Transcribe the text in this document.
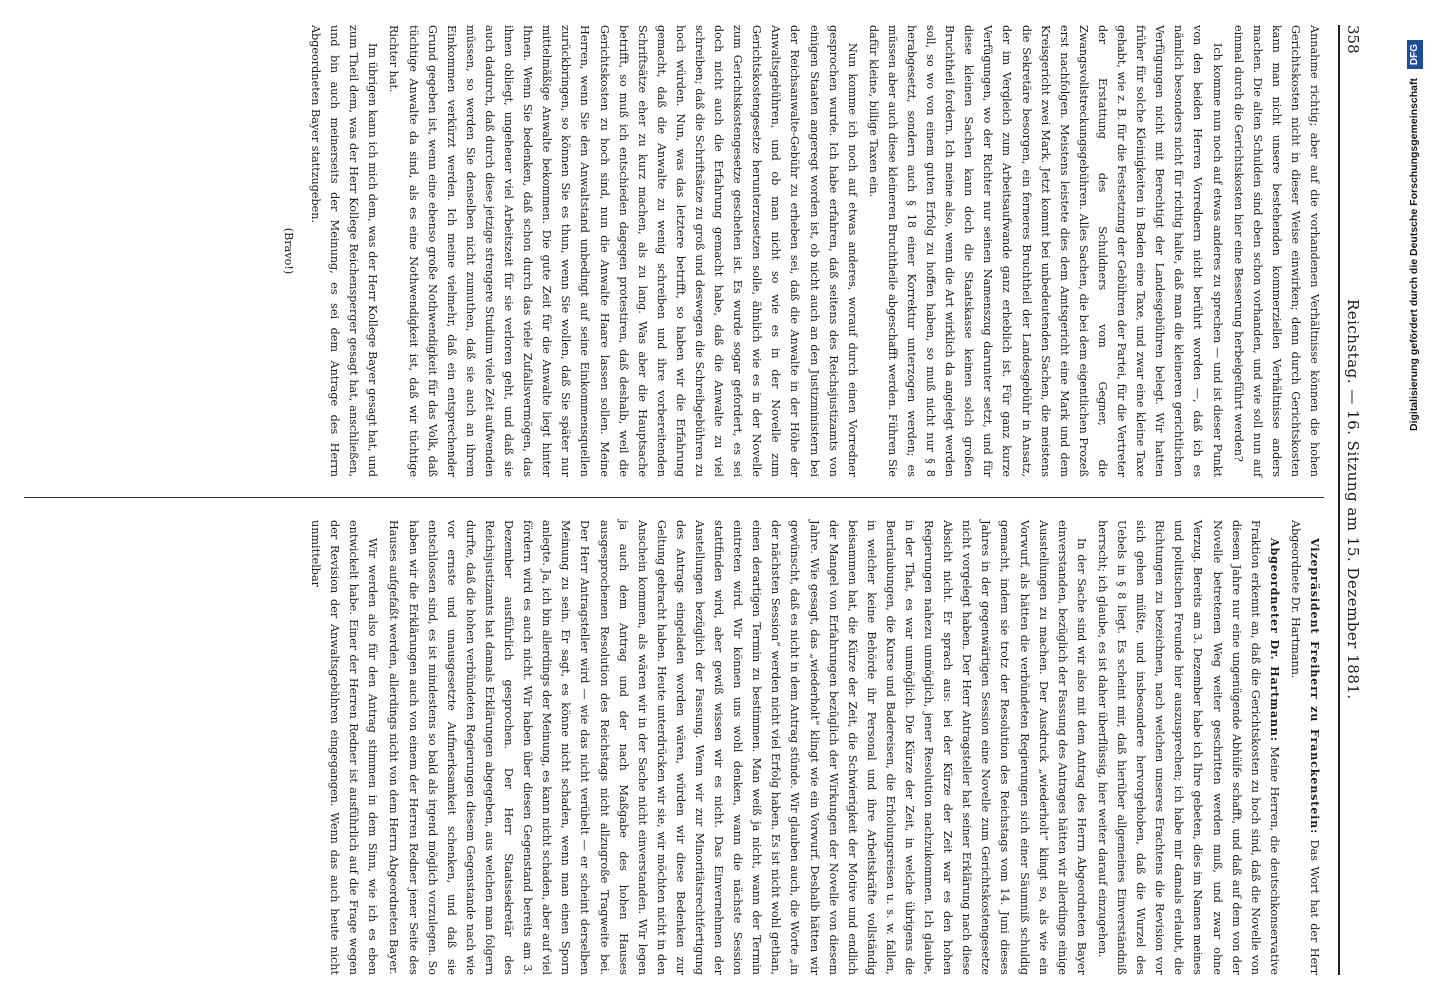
358
Reichstag. — 16. Sitzung am 15. Dezember 1881.

Annahme richtig; aber auf die vorhandenen Verhältnisse können die hohen Gerichtskosten nicht in dieser Weise einwirken; denn durch Gerichtskosten kann man nicht unsere bestehenden kommerziellen Verhältnisse anders machen. Die alten Schulden sind eben schon vorhanden, und wie soll nun auf einmal durch die Gerichtskosten hier eine Besserung herbeigeführt werden?

Ich komme nun noch auf etwas anderes zu sprechen — und ist dieser Punkt von den beiden Herren Vorrednern nicht berührt worden —, daß ich es nämlich besonders nicht für richtig halte, daß man die kleineren gerichtlichen Verfügungen nicht mit Berechtigt der Landesgebühren belegt. Wir hatten früher für solche Kleinigkeiten in Baden eine Taxe, und zwar eine kleine Taxe gehabt, wie z. B. für die Festsetzung der Gebühren der Partei, für die Vertreter der Erstattung des Schuldners vom Gegner, die Zwangsvollstreckungsgebühren. Alles Sachen, die bei dem eigentlichen Prozeß erst nachfolgen. Meistens leistete dies dem Amtsgericht eine Mark und dem Kreisgericht zwei Mark. Jetzt kommt bei unbedeutenden Sachen, die meistens die Sekretäre besorgen, ein ferneres Bruchtheil der Landesgebühr in Ansatz, der im Vergleich zum Arbeitsaufwande ganz erheblich ist. Für ganz kurze Verfügungen, wo der Richter nur seinen Namenszug darunter setzt, und für diese kleinen Sachen kann doch die Staatskasse keinen solch großen Bruchtheil fordern. Ich meine also, wenn die Art wirklich da angelegt werden soll, so wo von einem guten Erfolg zu hoffen haben, so muß nicht nur § 8 herabgesetzt, sondern auch § 18 einer Korrektur unterzogen werden; es müssen aber auch diese kleineren Bruchtheile abgeschafft werden. Führen Sie dafür kleine, billige Taxen ein.

Nun komme ich noch auf etwas anderes, worauf durch einen Vorredner gesprochen wurde. Ich habe erfahren, daß seitens des Reichsjustizamts von einigen Staaten angeregt worden ist, ob nicht auch an den Justizministern bei der Reichsanwalte-Gebühr zu erheben sei, daß die Anwalte in der Höhe der Anwaltsgebühren, und ob man nicht so wie es in der Novelle zum Gerichtskostengesetze herunterzusetzen solle, ähnlich wie es in der Novelle zum Gerichtskostengesetze geschehen ist. Es wurde sogar gefordert, es sei doch nicht auch die Erfahrung gemacht habe, daß die Anwalte zu viel schreiben; daß die Schriftsätze zu groß und deswegen die Schreibgebühren zu hoch würden. Nun, was das letztere betrifft, so haben wir die Erfahrung gemacht, daß die Anwalte zu wenig schreiben und ihre vorbereitenden Schriftsätze eher zu kurz machen, als zu lang. Was aber die Hauptsache betrifft, so muß ich entschieden dagegen protestiren, daß deshalb, weil die Gerichtskosten zu hoch sind, nun die Anwalte Haare lassen sollen. Meine Herren, wenn Sie den Anwaltstand unbedingt auf seine Einkommensquellen zurückbringen, so können Sie es thun, wenn Sie wollen, daß Sie später nur mittelmäßige Anwalte bekommen. Die gute Zeit für die Anwalte liegt hinter Ihnen. Wenn Sie bedenken, daß schon durch das viele Zufallsvermögen, das ihnen obliegt, ungeheuer viel Arbeitszeit für sie verloren geht, und daß sie auch dadurch, daß durch diese jetzige strengere Studium viele Zeit aufwenden müssen, so werden Sie denselben nicht zumuthen, daß sie auch an ihrem Einkommen verkürzt werden. Ich meine vielmehr, daß ein entsprechender Grund gegeben ist, wenn eine ebenso große Nothwendigkeit für das Volk, daß tüchtige Anwalte da sind, als es eine Nothwendigkeit ist, daß wir tüchtige Richter hat.

Im übrigen kann ich mich dem, was der Herr Kollege Bayer gesagt hat, und zum Theil dem, was der Herr Kollege Reichensperger gesagt hat, anschließen, und bin auch meinerseits der Meinung, es sei dem Antrage des Herrn Abgeordneten Bayer stattzugeben.

(Bravo!)

Vizepräsident Freiherr zu Franckenstein: Das Wort hat der Herr Abgeordnete Dr. Hartmann.

Abgeordneter Dr. Hartmann: Meine Herren, die deutschkonservative Fraktion erkennt an, daß die Gerichtskosten zu hoch sind, daß die Novelle von diesem Jahre nur eine ungenügende Abhülfe schafft, und daß auf dem von der Novelle betretenen Weg weiter geschritten werden muß, und zwar ohne Verzug. Bereits am 3. Dezember habe ich Ihre gebeten, dies im Namen meines und politischen Freunde hier auszusprechen; ich habe mir damals erlaubt, die Richtungen zu bezeichnen, nach welchen unseres Erachtens die Revision vor sich gehen müßte, und insbesondere hervorgehoben, daß die Wurzel des Uebels in § 8 liegt. Es scheint mir, daß hierüber allgemeines Einverständniß herrscht; ich glaube, es ist daher überflüssig, hier weiter darauf einzugehen.

In der Sache sind wir also mit dem Antrag des Herrn Abgeordneten Bayer einverstanden, bezüglich der Fassung des Antrages hätten wir allerdings einige Ausstellungen zu machen. Der Ausdruck „wiederholt“ klingt so, als wie ein Vorwurf, als hätten die verbündeten Regierungen sich einer Säumniß schuldig gemacht, indem sie trotz der Resolution des Reichstags vom 14. Juni dieses Jahres in der gegenwärtigen Session eine Novelle zum Gerichtskostengesetze nicht vorgelegt haben. Der Herr Antragsteller hat seiner Erklärung nach diese Absicht nicht. Er sprach aus: bei der Kürze der Zeit war es den hohen Regierungen nahezu unmöglich, jener Resolution nachzukommen. Ich glaube, in der That, es war unmöglich. Die Kürze der Zeit, in welche übrigens die Beurlaubungen, die Kurse und Badereisen, die Erholungsreisen u. s. w. fallen, in welcher keine Behörde ihr Personal und ihre Arbeitskräfte vollständig beisammen hat, die Kürze der Zeit, die Schwierigkeit der Motive und endlich der Mangel von Erfahrungen bezüglich der Wirkungen der Novelle von diesem Jahre. Wie gesagt, das „wiederholt“ klingt wie ein Vorwurf. Deshalb hätten wir gewünscht, daß es nicht in dem Antrag stünde. Wir glauben auch, die Worte „in der nächsten Session“ werden nicht viel Erfolg haben. Es ist nicht wohl gethan, einen derartigen Termin zu bestimmen. Man weiß ja nicht, wann der Termin eintreten wird. Wir können uns wohl denken, wann die nächste Session stattfinden wird, aber gewiß wissen wir es nicht. Das Einvernehmen der Anstellungen bezüglich der Fassung. Wenn wir zur Minoritätsrechtfertigung des Antrags eingeladen worden wären, würden wir diese Bedenken zur Geltung gebracht haben. Heute unterdrücken wir sie, wir möchten nicht in den Anschein kommen, als wären wir in der Sache nicht einverstanden. Wir legen ja auch dem Antrag und der nach Maßgabe des hohen Hauses ausgesprochenen Resolution des Reichstags nicht allzugroße Tragweite bei. Der Herr Antragsteller wird — wie das nicht verübelt — er scheint derselben Meinung zu sein. Er sagt, es könne nicht schaden, wenn man einen Sporn anlegte. Ja, ich bin allerdings der Meinung, es kann nicht schaden, aber auf viel fördern wird es auch nicht. Wir haben über diesen Gegenstand bereits am 3. Dezember ausführlich gesprochen. Der Herr Staatssekretär des Reichsjustizamts hat damals Erklärungen abgegeben, aus welchen man folgern durfte, daß die hohen verbündeten Regierungen diesem Gegenstande nach wie vor ernste und unausgesetzte Aufmerksamkeit schenken, und daß sie entschlossen sind, es ist mindestens so bald als irgend möglich vorzulegen. So haben wir die Erklärungen auch von einem der Herren Redner jener Seite des Hauses aufgefaßt werden, allerdings nicht von dem Herrn Abgeordneten Bayer.

Wir werden also für den Antrag stimmen in dem Sinn, wie ich es eben entwickelt habe. Einer der Herren Redner ist ausführlich auf die Frage wegen der Revision der Anwaltsgebühren eingegangen. Wenn das auch heute nicht unmittelbar

Digitalisierung gefördert durch die Deutsche Forschungsgemeinschaft DFG
